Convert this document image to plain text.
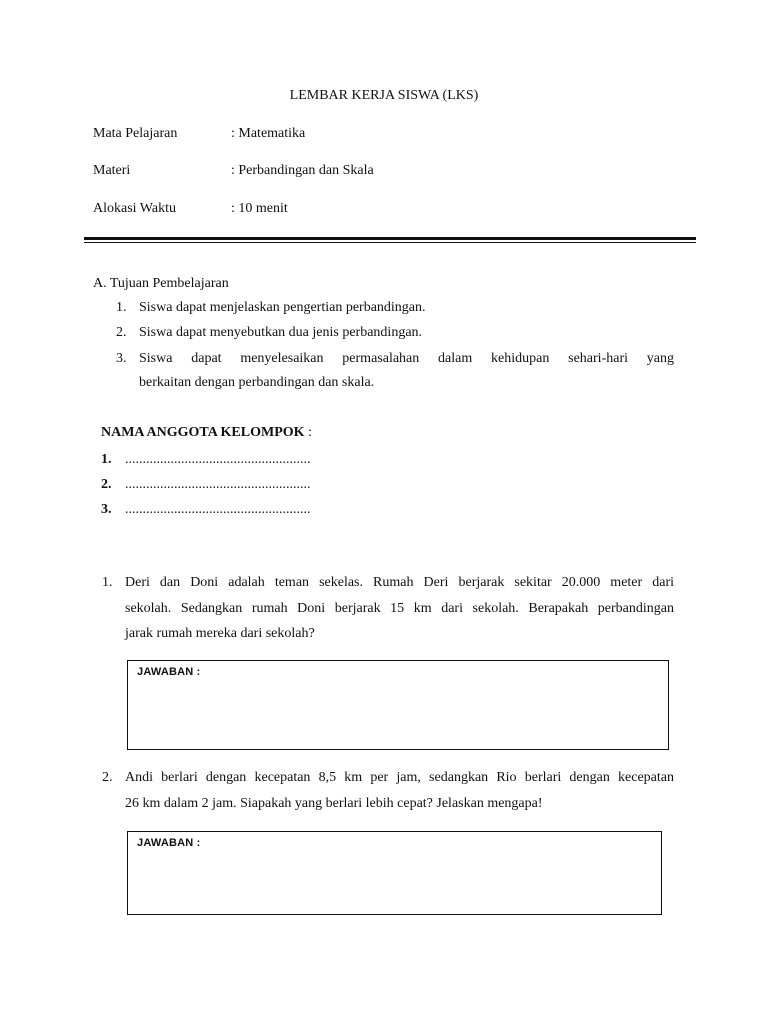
LEMBAR KERJA SISWA (LKS)
Mata Pelajaran	: Matematika
Materi	: Perbandingan dan Skala
Alokasi Waktu	: 10 menit
A. Tujuan Pembelajaran
1. Siswa dapat menjelaskan pengertian perbandingan.
2. Siswa dapat menyebutkan dua jenis perbandingan.
3. Siswa dapat menyelesaikan permasalahan dalam kehidupan sehari-hari yang
berkaitan dengan perbandingan dan skala.
NAMA ANGGOTA KELOMPOK :
1. .....................................................
2. .....................................................
3. .....................................................
1. Deri dan Doni adalah teman sekelas. Rumah Deri berjarak sekitar 20.000 meter dari
sekolah. Sedangkan rumah Doni berjarak 15 km dari sekolah. Berapakah perbandingan
jarak rumah mereka dari sekolah?
JAWABAN :
2. Andi berlari dengan kecepatan 8,5 km per jam, sedangkan Rio berlari dengan kecepatan
26 km dalam 2 jam. Siapakah yang berlari lebih cepat? Jelaskan mengapa!
JAWABAN :
